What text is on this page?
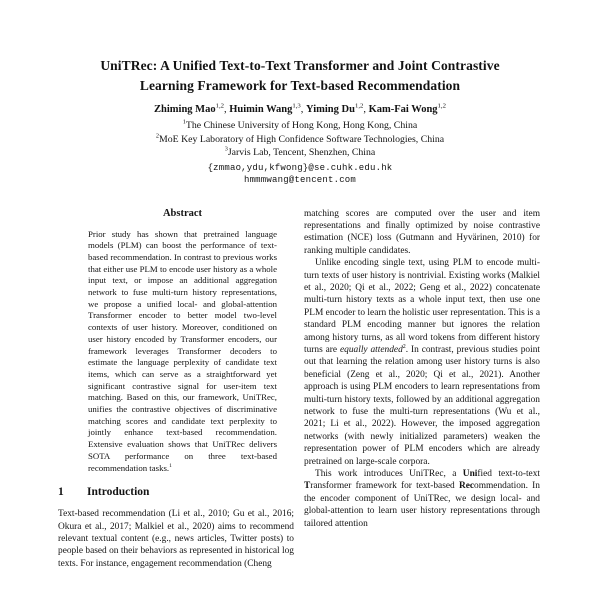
UniTRec: A Unified Text-to-Text Transformer and Joint Contrastive
Learning Framework for Text-based Recommendation
Zhiming Mao$^{1,2}$, Huimin Wang$^{1,3}$, Yiming Du$^{1,2}$, Kam-Fai Wong$^{1,2}$
$^1$The Chinese University of Hong Kong, Hong Kong, China
$^2$MoE Key Laboratory of High Confidence Software Technologies, China
$^3$Jarvis Lab, Tencent, Shenzhen, China
{zmmao,ydu,kfwong}@se.cuhk.edu.hk
hmmmwang@tencent.com
Abstract

Prior study has shown that pretrained language models (PLM) can boost the performance of text-based recommendation. In contrast to previous works that either use PLM to encode user history as a whole input text, or impose an additional aggregation network to fuse multi-turn history representations, we propose a unified local- and global-attention Transformer encoder to better model two-level contexts of user history. Moreover, conditioned on user history encoded by Transformer encoders, our framework leverages Transformer decoders to estimate the language perplexity of candidate text items, which can serve as a straightforward yet significant contrastive signal for user-item text matching. Based on this, our framework, UniTRec, unifies the contrastive objectives of discriminative matching scores and candidate text perplexity to jointly enhance text-based recommendation. Extensive evaluation shows that UniTRec delivers SOTA performance on three text-based recommendation tasks.$^1$

1 Introduction

Text-based recommendation (Li et al., 2010; Gu et al., 2016; Okura et al., 2017; Malkiel et al., 2020) aims to recommend relevant textual content (e.g., news articles, Twitter posts) to people based on their behaviors as represented in historical log texts. For instance, engagement recommendation (Cheng

matching scores are computed over the user and item representations and finally optimized by noise contrastive estimation (NCE) loss (Gutmann and Hyvärinen, 2010) for ranking multiple candidates.

Unlike encoding single text, using PLM to encode multi-turn texts of user history is nontrivial. Existing works (Malkiel et al., 2020; Qi et al., 2022; Geng et al., 2022) concatenate multi-turn history texts as a whole input text, then use one PLM encoder to learn the holistic user representation. This is a standard PLM encoding manner but ignores the relation among history turns, as all word tokens from different history turns are equally attended$^2$. In contrast, previous studies point out that learning the relation among user history turns is also beneficial (Zeng et al., 2020; Qi et al., 2021). Another approach is using PLM encoders to learn representations from multi-turn history texts, followed by an additional aggregation network to fuse the multi-turn representations (Wu et al., 2021; Li et al., 2022). However, the imposed aggregation networks (with newly initialized parameters) weaken the representation power of PLM encoders which are already pretrained on large-scale corpora.

This work introduces UniTRec, a Unified text-to-text Transformer framework for text-based Recommendation. In the encoder component of UniTRec, we design local- and global-attention to learn user history representations through tailored attention
